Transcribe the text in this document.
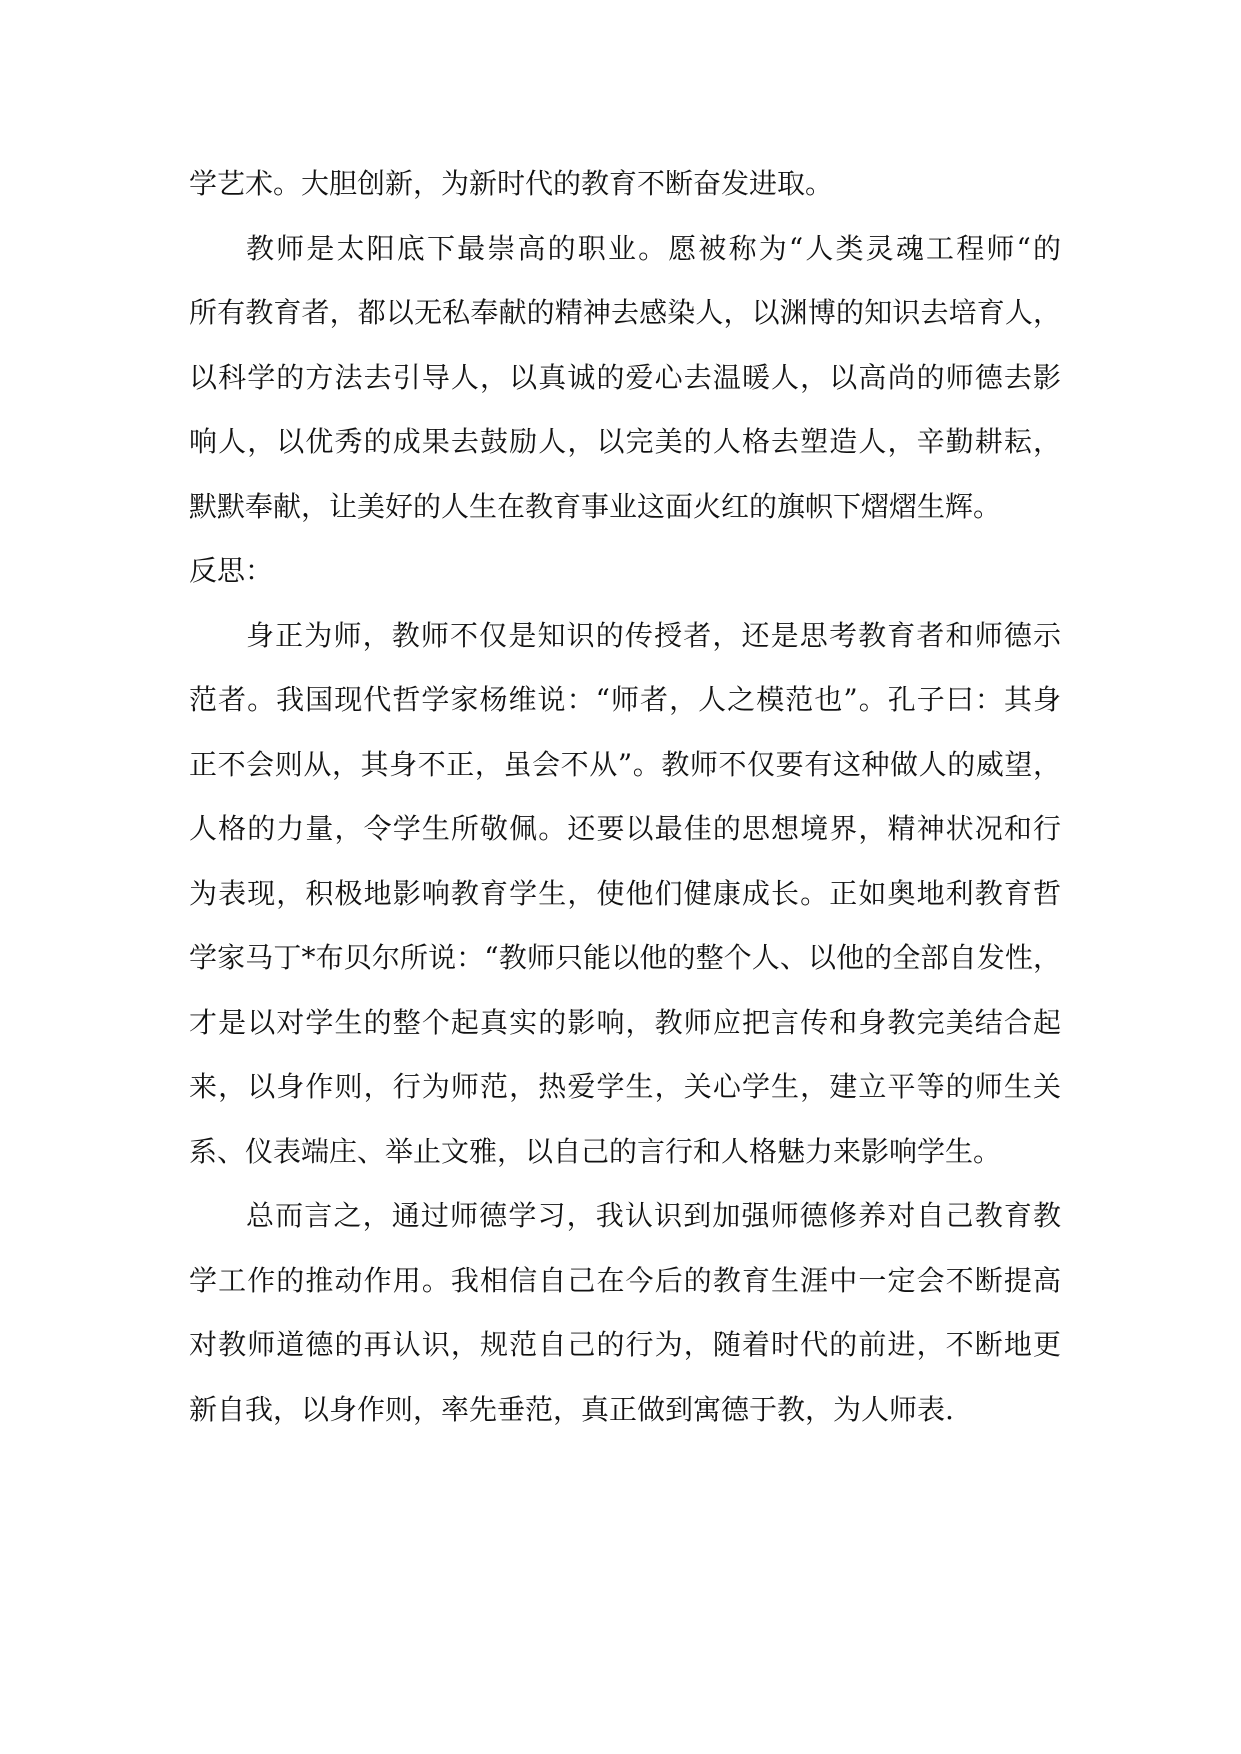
学艺术。大胆创新，为新时代的教育不断奋发进取。
教师是太阳底下最崇高的职业。愿被称为“人类灵魂工程师“的
所有教育者，都以无私奉献的精神去感染人，以渊博的知识去培育人，
以科学的方法去引导人，以真诚的爱心去温暖人，以高尚的师德去影
响人，以优秀的成果去鼓励人，以完美的人格去塑造人，辛勤耕耘，
默默奉献，让美好的人生在教育事业这面火红的旗帜下熠熠生辉。
反思：
身正为师，教师不仅是知识的传授者，还是思考教育者和师德示
范者。我国现代哲学家杨维说：“师者，人之模范也”。孔子曰：其身
正不会则从，其身不正，虽会不从”。教师不仅要有这种做人的威望，
人格的力量，令学生所敬佩。还要以最佳的思想境界，精神状况和行
为表现，积极地影响教育学生，使他们健康成长。正如奥地利教育哲
学家马丁*布贝尔所说：“教师只能以他的整个人、以他的全部自发性，
才是以对学生的整个起真实的影响，教师应把言传和身教完美结合起
来，以身作则，行为师范，热爱学生，关心学生，建立平等的师生关
系、仪表端庄、举止文雅，以自己的言行和人格魅力来影响学生。
总而言之，通过师德学习，我认识到加强师德修养对自己教育教
学工作的推动作用。我相信自己在今后的教育生涯中一定会不断提高
对教师道德的再认识，规范自己的行为，随着时代的前进，不断地更
新自我，以身作则，率先垂范，真正做到寓德于教，为人师表.
